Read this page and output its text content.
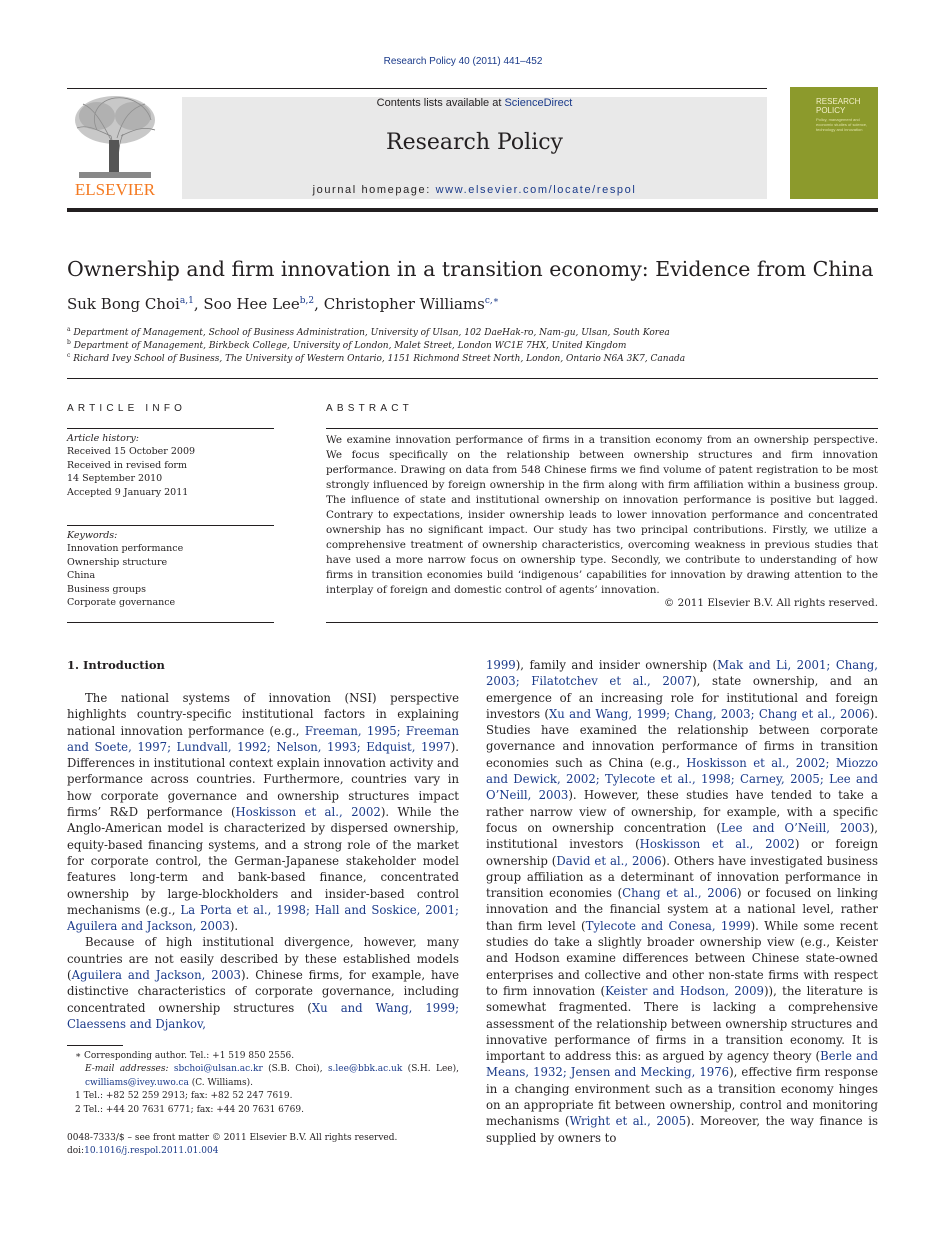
Research Policy 40 (2011) 441–452
ELSEVIER
Contents lists available at ScienceDirect
Research Policy
journal homepage: www.elsevier.com/locate/respol
RESEARCH POLICY
Policy, management and economic studies of science, technology and innovation
Ownership and firm innovation in a transition economy: Evidence from China
Suk Bong Choi$^{a,1}$, Soo Hee Lee$^{b,2}$, Christopher Williams$^{c,∗}$
$^a$ Department of Management, School of Business Administration, University of Ulsan, 102 DaeHak-ro, Nam-gu, Ulsan, South Korea
$^b$ Department of Management, Birkbeck College, University of London, Malet Street, London WC1E 7HX, United Kingdom
$^c$ Richard Ivey School of Business, The University of Western Ontario, 1151 Richmond Street North, London, Ontario N6A 3K7, Canada
ARTICLE INFO
Article history:
Received 15 October 2009
Received in revised form
14 September 2010
Accepted 9 January 2011
Keywords:
Innovation performance
Ownership structure
China
Business groups
Corporate governance
ABSTRACT
We examine innovation performance of firms in a transition economy from an ownership perspective. We focus specifically on the relationship between ownership structures and firm innovation performance. Drawing on data from 548 Chinese firms we find volume of patent registration to be most strongly influenced by foreign ownership in the firm along with firm affiliation within a business group. The influence of state and institutional ownership on innovation performance is positive but lagged. Contrary to expectations, insider ownership leads to lower innovation performance and concentrated ownership has no significant impact. Our study has two principal contributions. Firstly, we utilize a comprehensive treatment of ownership characteristics, overcoming weakness in previous studies that have used a more narrow focus on ownership type. Secondly, we contribute to understanding of how firms in transition economies build ‘indigenous’ capabilities for innovation by drawing attention to the interplay of foreign and domestic control of agents’ innovation.
© 2011 Elsevier B.V. All rights reserved.
1. Introduction

The national systems of innovation (NSI) perspective highlights country-specific institutional factors in explaining national innovation performance (e.g., Freeman, 1995; Freeman and Soete, 1997; Lundvall, 1992; Nelson, 1993; Edquist, 1997). Differences in institutional context explain innovation activity and performance across countries. Furthermore, countries vary in how corporate governance and ownership structures impact firms’ R&D performance (Hoskisson et al., 2002). While the Anglo-American model is characterized by dispersed ownership, equity-based financing systems, and a strong role of the market for corporate control, the German-Japanese stakeholder model features long-term and bank-based finance, concentrated ownership by large-blockholders and insider-based control mechanisms (e.g., La Porta et al., 1998; Hall and Soskice, 2001; Aguilera and Jackson, 2003).

Because of high institutional divergence, however, many countries are not easily described by these established models (Aguilera and Jackson, 2003). Chinese firms, for example, have distinctive characteristics of corporate governance, including concentrated ownership structures (Xu and Wang, 1999; Claessens and Djankov,

1999), family and insider ownership (Mak and Li, 2001; Chang, 2003; Filatotchev et al., 2007), state ownership, and an emergence of an increasing role for institutional and foreign investors (Xu and Wang, 1999; Chang, 2003; Chang et al., 2006). Studies have examined the relationship between corporate governance and innovation performance of firms in transition economies such as China (e.g., Hoskisson et al., 2002; Miozzo and Dewick, 2002; Tylecote et al., 1998; Carney, 2005; Lee and O’Neill, 2003). However, these studies have tended to take a rather narrow view of ownership, for example, with a specific focus on ownership concentration (Lee and O’Neill, 2003), institutional investors (Hoskisson et al., 2002) or foreign ownership (David et al., 2006). Others have investigated business group affiliation as a determinant of innovation performance in transition economies (Chang et al., 2006) or focused on linking innovation and the financial system at a national level, rather than firm level (Tylecote and Conesa, 1999). While some recent studies do take a slightly broader ownership view (e.g., Keister and Hodson examine differences between Chinese state-owned enterprises and collective and other non-state firms with respect to firm innovation (Keister and Hodson, 2009)), the literature is somewhat fragmented. There is lacking a comprehensive assessment of the relationship between ownership structures and innovative performance of firms in a transition economy. It is important to address this: as argued by agency theory (Berle and Means, 1932; Jensen and Mecking, 1976), effective firm response in a changing environment such as a transition economy hinges on an appropriate fit between ownership, control and monitoring mechanisms (Wright et al., 2005). Moreover, the way finance is supplied by owners to

∗ Corresponding author. Tel.: +1 519 850 2556.
E-mail addresses: sbchoi@ulsan.ac.kr (S.B. Choi), s.lee@bbk.ac.uk (S.H. Lee), cwilliams@ivey.uwo.ca (C. Williams).
1 Tel.: +82 52 259 2913; fax: +82 52 247 7619.
2 Tel.: +44 20 7631 6771; fax: +44 20 7631 6769.
0048-7333/$ – see front matter © 2011 Elsevier B.V. All rights reserved.
doi:10.1016/j.respol.2011.01.004
